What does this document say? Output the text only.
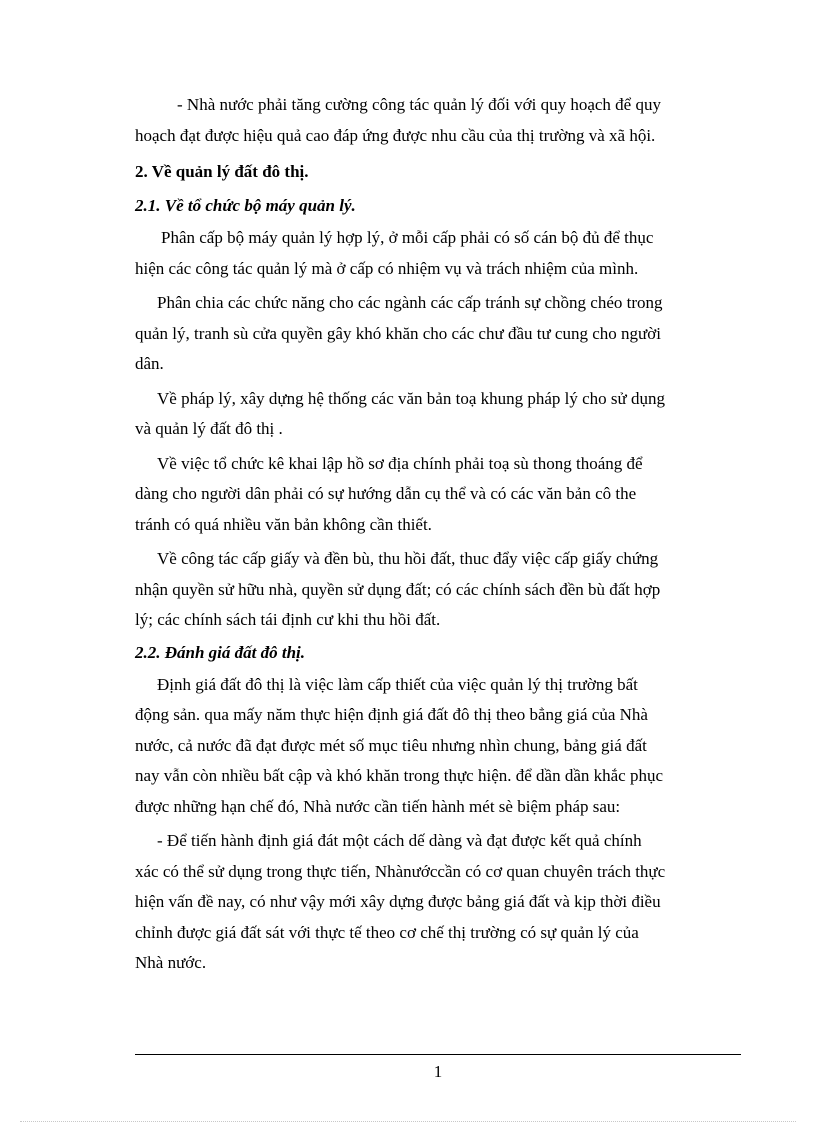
- Nhà nước phải tăng cường công tác quản lý đối với quy hoạch để quy
hoạch đạt được hiệu quả cao đáp ứng được nhu cầu của thị trường và xã hội.
2. Về quản lý đất đô thị.
2.1. Về tổ chức bộ máy quản lý.
Phân cấp bộ máy quản lý hợp lý, ở mỗi cấp phải có số cán bộ đủ để thục
hiện các công tác quản lý mà ở cấp có nhiệm vụ và trách nhiệm của mình.
Phân chia các chức năng cho các ngành các cấp tránh sự chồng chéo trong
quản lý, tranh sù cửa quyền gây khó khăn cho các chư đầu tư cung cho người
dân.
Về pháp lý, xây dựng hệ thống các văn bản toạ khung pháp lý cho sử dụng
và quản lý đất đô thị .
Về việc tổ chức kê khai lập hồ sơ địa chính phải toạ sù thong thoáng để
dàng cho người dân phải có sự hướng dẫn cụ thể và có các văn bản cô the
tránh có quá nhiều văn bản không cần thiết.
Về công tác cấp giấy và đền bù, thu hồi đất, thuc đẩy việc cấp giấy chứng
nhận quyền sử hữu nhà, quyền sử dụng đất; có các chính sách đền bù đất hợp
lý; các chính sách tái định cư khi thu hồi đất.
2.2. Đánh giá đất đô thị.
Định giá đất đô thị là việc làm cấp thiết của việc quản lý thị trường bất
động sản. qua mấy năm thực hiện định giá đất đô thị theo bẳng giá của Nhà
nước, cả nước đã đạt được mét số mục tiêu nhưng nhìn chung, bảng giá đất
nay vẫn còn nhiều bất cập và khó khăn trong thực hiện. để dần dần khắc phục
được những hạn chế đó, Nhà nước cần tiến hành mét sè biệm pháp sau:
- Để tiến hành định giá đát một cách dế dàng và đạt được kết quả chính
xác có thể sử dụng trong thực tiến, Nhànướccần có cơ quan chuyên trách thực
hiện vấn đề nay, có như vậy mới xây dựng được bảng giá đất và kịp thời điều
chỉnh được giá đất sát với thực tế theo cơ chế thị trường có sự quản lý của
Nhà nước.
1
